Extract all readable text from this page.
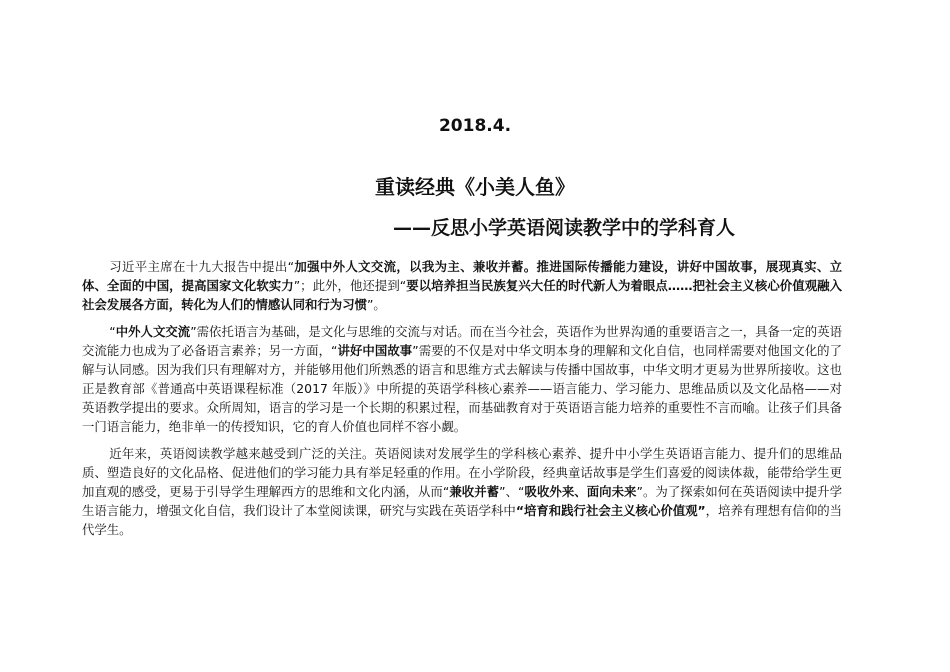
2018.4.
重读经典《小美人鱼》
——反思小学英语阅读教学中的学科育人

习近平主席在十九大报告中提出“加强中外人文交流，以我为主、兼收并蓄。推进国际传播能力建设，讲好中国故事，展现真实、立体、全面的中国，提高国家文化软实力”；此外，他还提到“要以培养担当民族复兴大任的时代新人为着眼点……把社会主义核心价值观融入社会发展各方面，转化为人们的情感认同和行为习惯”。

“中外人文交流”需依托语言为基础，是文化与思维的交流与对话。而在当今社会，英语作为世界沟通的重要语言之一，具备一定的英语交流能力也成为了必备语言素养；另一方面，“讲好中国故事”需要的不仅是对中华文明本身的理解和文化自信，也同样需要对他国文化的了解与认同感。因为我们只有理解对方，并能够用他们所熟悉的语言和思维方式去解读与传播中国故事，中华文明才更易为世界所接收。这也正是教育部《普通高中英语课程标准（2017 年版）》中所提的英语学科核心素养——语言能力、学习能力、思维品质以及文化品格——对英语教学提出的要求。众所周知，语言的学习是一个长期的积累过程，而基础教育对于英语语言能力培养的重要性不言而喻。让孩子们具备一门语言能力，绝非单一的传授知识，它的育人价值也同样不容小觑。

近年来，英语阅读教学越来越受到广泛的关注。英语阅读对发展学生的学科核心素养、提升中小学生英语语言能力、提升们的思维品质、塑造良好的文化品格、促进他们的学习能力具有举足轻重的作用。在小学阶段，经典童话故事是学生们喜爱的阅读体裁，能带给学生更加直观的感受，更易于引导学生理解西方的思维和文化内涵，从而“兼收并蓄”、“吸收外来、面向未来”。为了探索如何在英语阅读中提升学生语言能力，增强文化自信，我们设计了本堂阅读课，研究与实践在英语学科中“培育和践行社会主义核心价值观”，培养有理想有信仰的当代学生。
